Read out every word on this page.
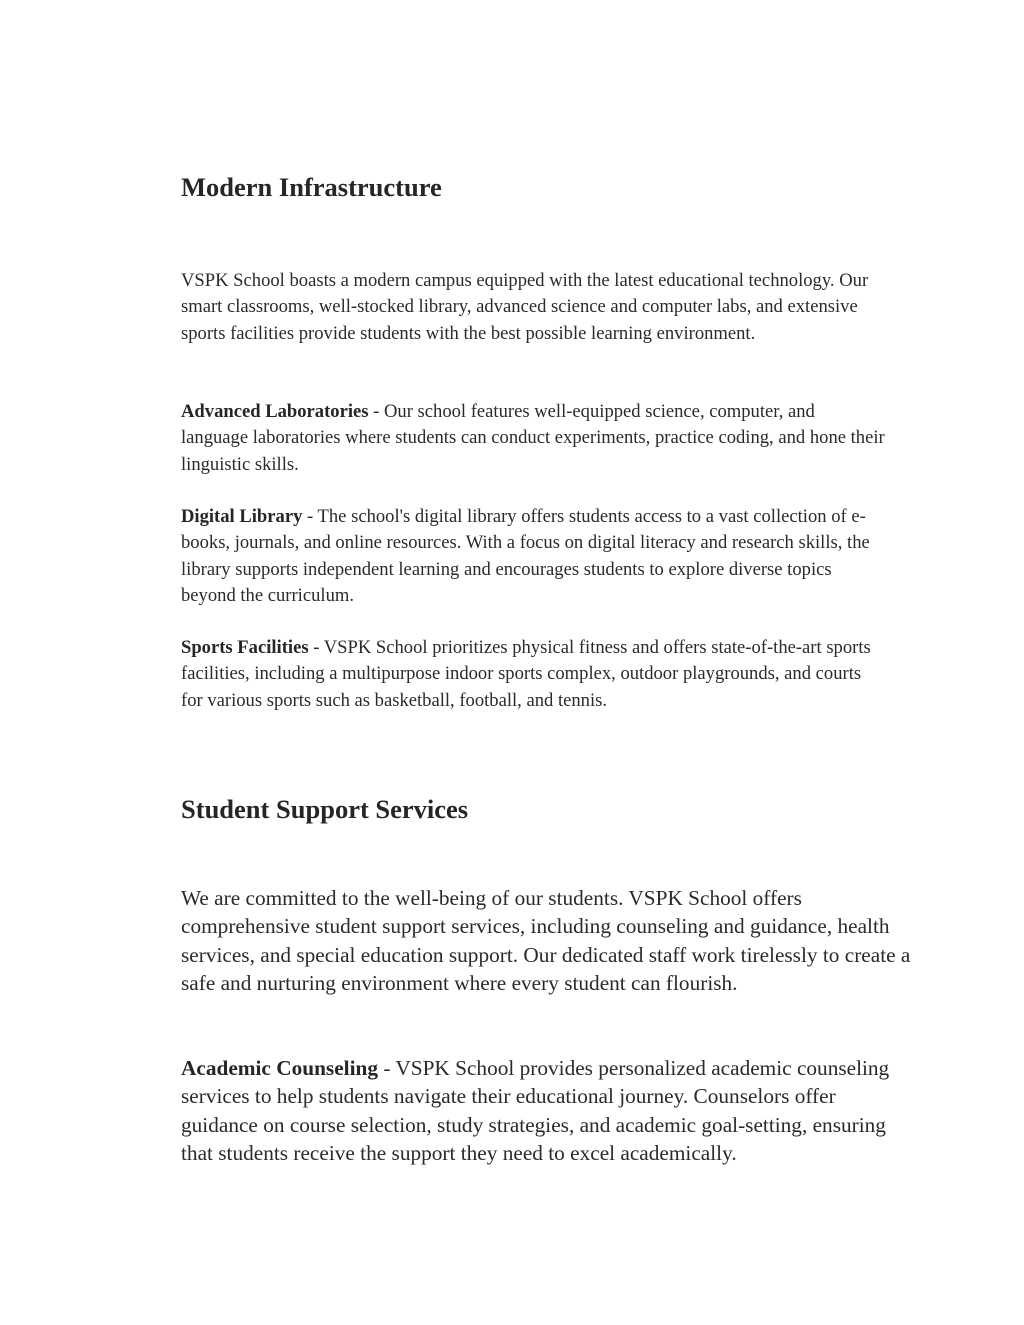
Modern Infrastructure

VSPK School boasts a modern campus equipped with the latest educational technology. Our smart classrooms, well-stocked library, advanced science and computer labs, and extensive sports facilities provide students with the best possible learning environment.

Advanced Laboratories - Our school features well-equipped science, computer, and language laboratories where students can conduct experiments, practice coding, and hone their linguistic skills.

Digital Library - The school's digital library offers students access to a vast collection of e-books, journals, and online resources. With a focus on digital literacy and research skills, the library supports independent learning and encourages students to explore diverse topics beyond the curriculum.

Sports Facilities - VSPK School prioritizes physical fitness and offers state-of-the-art sports facilities, including a multipurpose indoor sports complex, outdoor playgrounds, and courts for various sports such as basketball, football, and tennis.

Student Support Services

We are committed to the well-being of our students. VSPK School offers comprehensive student support services, including counseling and guidance, health services, and special education support. Our dedicated staff work tirelessly to create a safe and nurturing environment where every student can flourish.

Academic Counseling - VSPK School provides personalized academic counseling services to help students navigate their educational journey. Counselors offer guidance on course selection, study strategies, and academic goal-setting, ensuring that students receive the support they need to excel academically.
